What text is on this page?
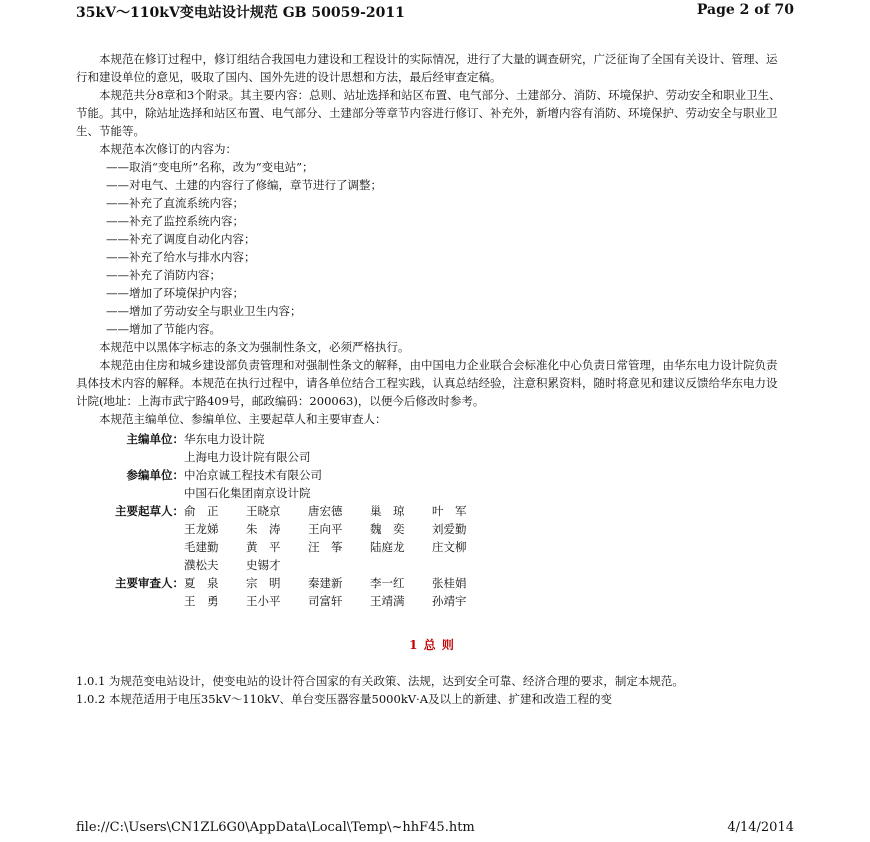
35kV～110kV变电站设计规范 GB 50059-2011	Page 2 of 70

本规范在修订过程中，修订组结合我国电力建设和工程设计的实际情况，进行了大量的调查研究，广泛征询了全国有关设计、管理、运行和建设单位的意见，吸取了国内、国外先进的设计思想和方法，最后经审查定稿。

本规范共分8章和3个附录。其主要内容：总则、站址选择和站区布置、电气部分、土建部分、消防、环境保护、劳动安全和职业卫生、节能。其中，除站址选择和站区布置、电气部分、土建部分等章节内容进行修订、补充外，新增内容有消防、环境保护、劳动安全与职业卫生、节能等。

本规范本次修订的内容为：

——取消“变电所”名称，改为“变电站”；
——对电气、土建的内容行了修编，章节进行了调整；
——补充了直流系统内容；
——补充了监控系统内容；
——补充了调度自动化内容；
——补充了给水与排水内容；
——补充了消防内容；
——增加了环境保护内容；
——增加了劳动安全与职业卫生内容；
——增加了节能内容。

本规范中以黑体字标志的条文为强制性条文，必须严格执行。

本规范由住房和城乡建设部负责管理和对强制性条文的解释，由中国电力企业联合会标准化中心负责日常管理，由华东电力设计院负责具体技术内容的解释。本规范在执行过程中，请各单位结合工程实践，认真总结经验，注意积累资料，随时将意见和建议反馈给华东电力设计院(地址：上海市武宁路409号，邮政编码：200063)，以便今后修改时参考。

本规范主编单位、参编单位、主要起草人和主要审查人：

主编单位： 华东电力设计院
上海电力设计院有限公司
参编单位： 中冶京诚工程技术有限公司
中国石化集团南京设计院
主要起草人： 俞　正	王晓京	唐宏德	巢　琼	叶　军
王龙娣	朱　涛	王向平	魏　奕	刘爱勤
毛建勤	黄　平	汪　筝	陆庭龙	庄文柳
濮松夫	史锡才
主要审查人： 夏　泉	宗　明	秦建新	李一红	张桂娟
王　勇	王小平	司富轩	王靖满	孙靖宇
1 总 则

1.0.1 为规范变电站设计，使变电站的设计符合国家的有关政策、法规，达到安全可靠、经济合理的要求，制定本规范。

1.0.2 本规范适用于电压35kV～110kV、单台变压器容量5000kV·A及以上的新建、扩建和改造工程的变

file://C:\Users\CN1ZL6G0\AppData\Local\Temp\~hhF45.htm	4/14/2014
